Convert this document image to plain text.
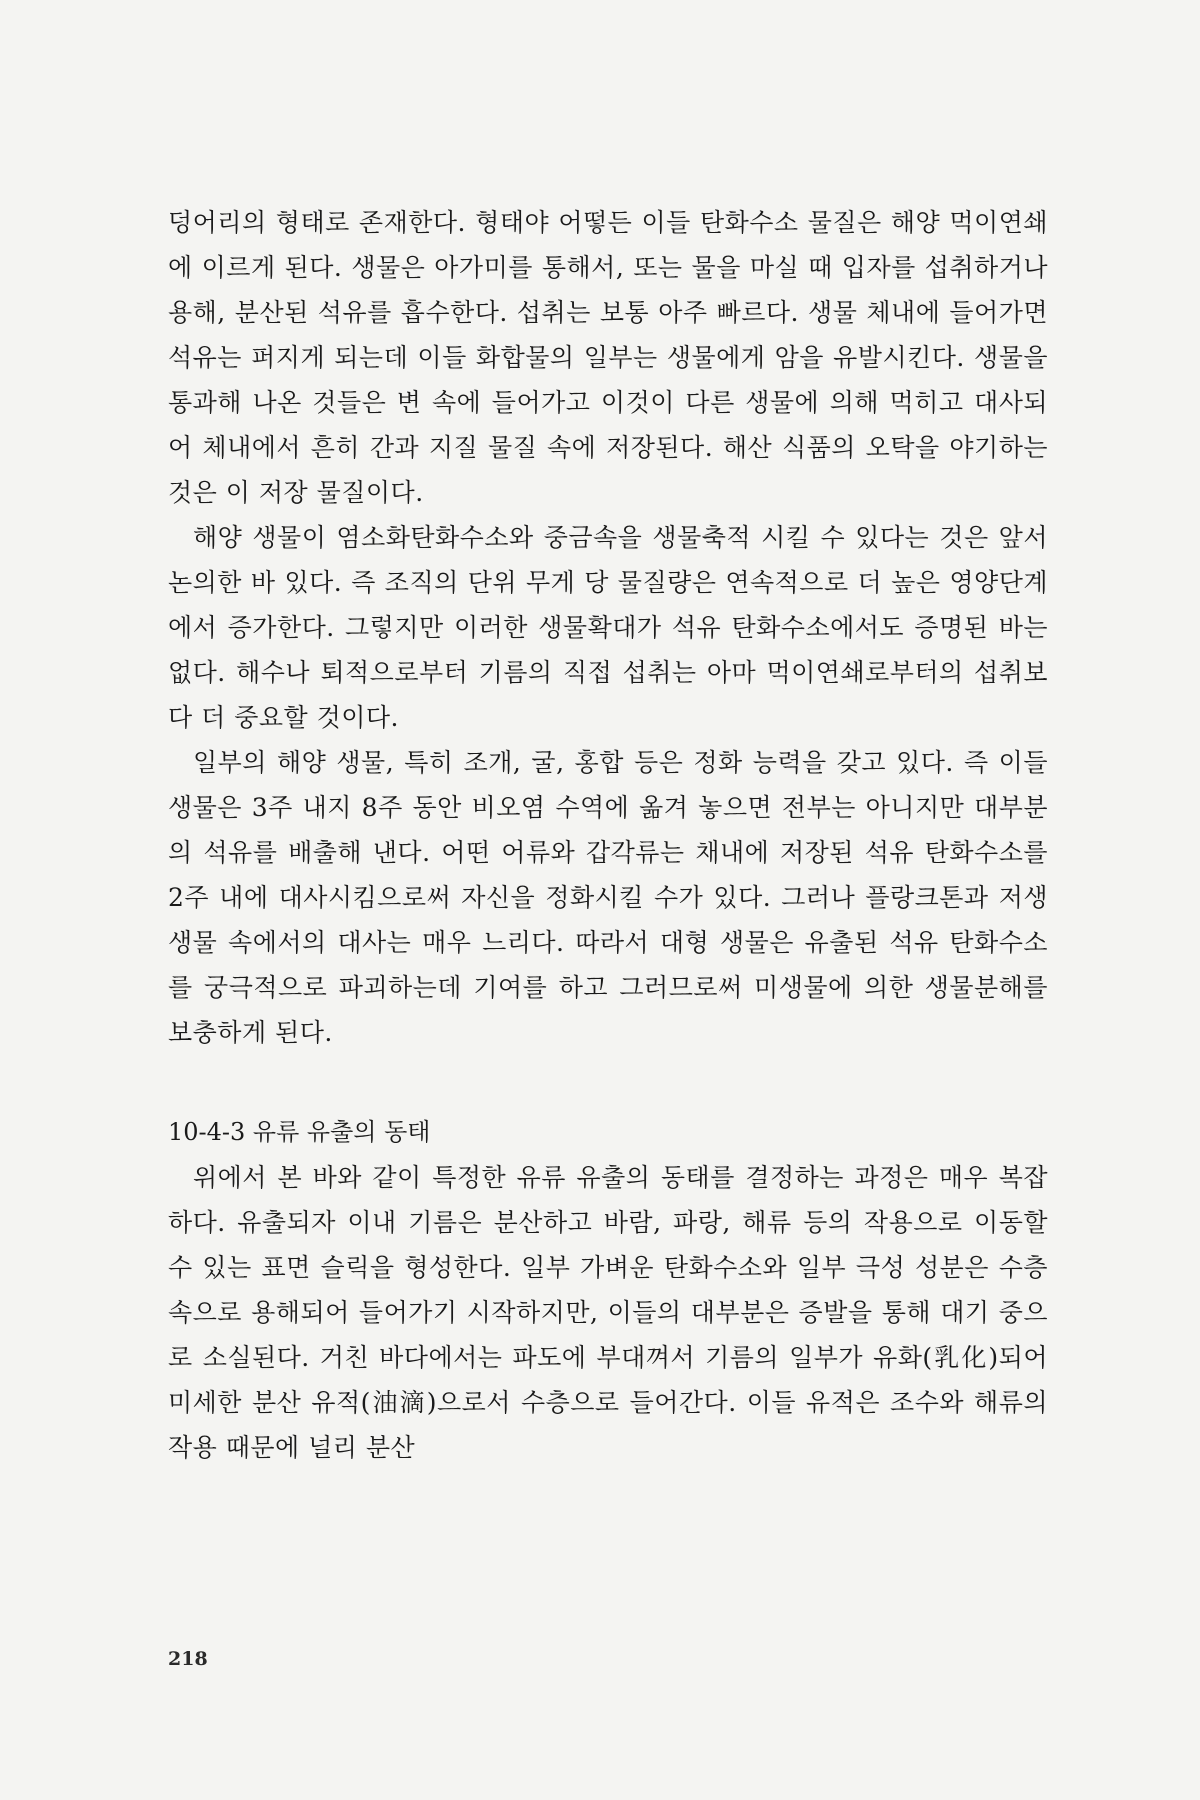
덩어리의 형태로 존재한다. 형태야 어떻든 이들 탄화수소 물질은 해양 먹이연쇄에 이르게 된다. 생물은 아가미를 통해서, 또는 물을 마실 때 입자를 섭취하거나 용해, 분산된 석유를 흡수한다. 섭취는 보통 아주 빠르다. 생물 체내에 들어가면 석유는 퍼지게 되는데 이들 화합물의 일부는 생물에게 암을 유발시킨다. 생물을 통과해 나온 것들은 변 속에 들어가고 이것이 다른 생물에 의해 먹히고 대사되어 체내에서 흔히 간과 지질 물질 속에 저장된다. 해산 식품의 오탁을 야기하는 것은 이 저장 물질이다.

해양 생물이 염소화탄화수소와 중금속을 생물축적 시킬 수 있다는 것은 앞서 논의한 바 있다. 즉 조직의 단위 무게 당 물질량은 연속적으로 더 높은 영양단계에서 증가한다. 그렇지만 이러한 생물확대가 석유 탄화수소에서도 증명된 바는 없다. 해수나 퇴적으로부터 기름의 직접 섭취는 아마 먹이연쇄로부터의 섭취보다 더 중요할 것이다.

일부의 해양 생물, 특히 조개, 굴, 홍합 등은 정화 능력을 갖고 있다. 즉 이들 생물은 3주 내지 8주 동안 비오염 수역에 옮겨 놓으면 전부는 아니지만 대부분의 석유를 배출해 낸다. 어떤 어류와 갑각류는 채내에 저장된 석유 탄화수소를 2주 내에 대사시킴으로써 자신을 정화시킬 수가 있다. 그러나 플랑크톤과 저생생물 속에서의 대사는 매우 느리다. 따라서 대형 생물은 유출된 석유 탄화수소를 궁극적으로 파괴하는데 기여를 하고 그러므로써 미생물에 의한 생물분해를 보충하게 된다.

10-4-3 유류 유출의 동태

위에서 본 바와 같이 특정한 유류 유출의 동태를 결정하는 과정은 매우 복잡하다. 유출되자 이내 기름은 분산하고 바람, 파랑, 해류 등의 작용으로 이동할 수 있는 표면 슬릭을 형성한다. 일부 가벼운 탄화수소와 일부 극성 성분은 수층 속으로 용해되어 들어가기 시작하지만, 이들의 대부분은 증발을 통해 대기 중으로 소실된다. 거친 바다에서는 파도에 부대껴서 기름의 일부가 유화(乳化)되어 미세한 분산 유적(油滴)으로서 수층으로 들어간다. 이들 유적은 조수와 해류의 작용 때문에 널리 분산

218
